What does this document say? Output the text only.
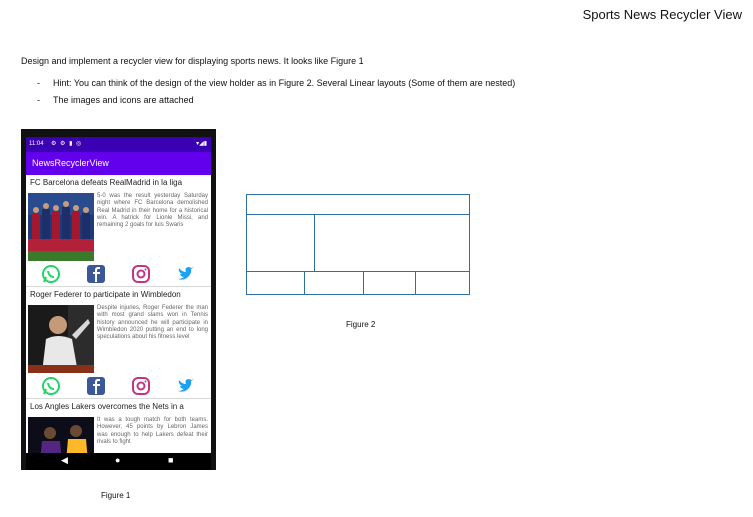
Sports News Recycler View
Design and implement a recycler view for displaying sports news. It looks like Figure 1
- Hint: You can think of the design of the view holder as in Figure 2. Several Linear layouts (Some of them are nested)
- The images and icons are attached
11:04 ⚙ ⚙ ▮ ◎	▾◢▮
NewsRecyclerView
FC Barcelona defeats RealMadrid in la liga
5-0 was the result yesterday Saturday night where FC Barcelona demolished Real Madrid in their home for a historical win. A hatrick for Lionle Missi, and remaining 2 goals for luis Swaris
Roger Federer to participate in Wimbledon
Despite injuries, Roger Federer the man with most grand slams won in Tennis history announced he will participate in Wimbledon 2020 putting an end to long speculations about his fitness level
Los Angles Lakers overcomes the Nets in a
It was a tough match for both teams. However, 45 points by Lebron James was enough to help Lakers defeat their rivals to fight
◀	●	■
Figure 1
Figure 2
